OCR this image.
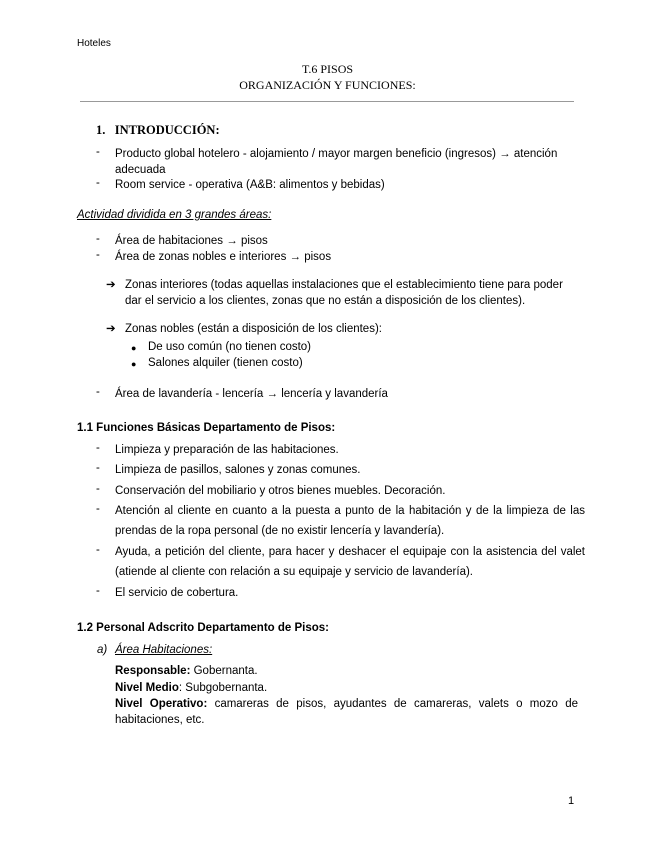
Hoteles
T.6 PISOS
ORGANIZACIÓN Y FUNCIONES:
1. INTRODUCCIÓN:
- Producto global hotelero - alojamiento / mayor margen beneficio (ingresos) → atención adecuada
- Room service - operativa (A&B: alimentos y bebidas)
Actividad dividida en 3 grandes áreas:
- Área de habitaciones → pisos
- Área de zonas nobles e interiores → pisos
➔ Zonas interiores (todas aquellas instalaciones que el establecimiento tiene para poder dar el servicio a los clientes, zonas que no están a disposición de los clientes).
➔ Zonas nobles (están a disposición de los clientes):
● De uso común (no tienen costo)
● Salones alquiler (tienen costo)
- Área de lavandería - lencería → lencería y lavandería
1.1 Funciones Básicas Departamento de Pisos:
- Limpieza y preparación de las habitaciones.
- Limpieza de pasillos, salones y zonas comunes.
- Conservación del mobiliario y otros bienes muebles. Decoración.
- Atención al cliente en cuanto a la puesta a punto de la habitación y de la limpieza de las prendas de la ropa personal (de no existir lencería y lavandería).
- Ayuda, a petición del cliente, para hacer y deshacer el equipaje con la asistencia del valet (atiende al cliente con relación a su equipaje y servicio de lavandería).
- El servicio de cobertura.
1.2 Personal Adscrito Departamento de Pisos:
a) Área Habitaciones:
Responsable: Gobernanta.
Nivel Medio: Subgobernanta.
Nivel Operativo: camareras de pisos, ayudantes de camareras, valets o mozo de habitaciones, etc.
1
